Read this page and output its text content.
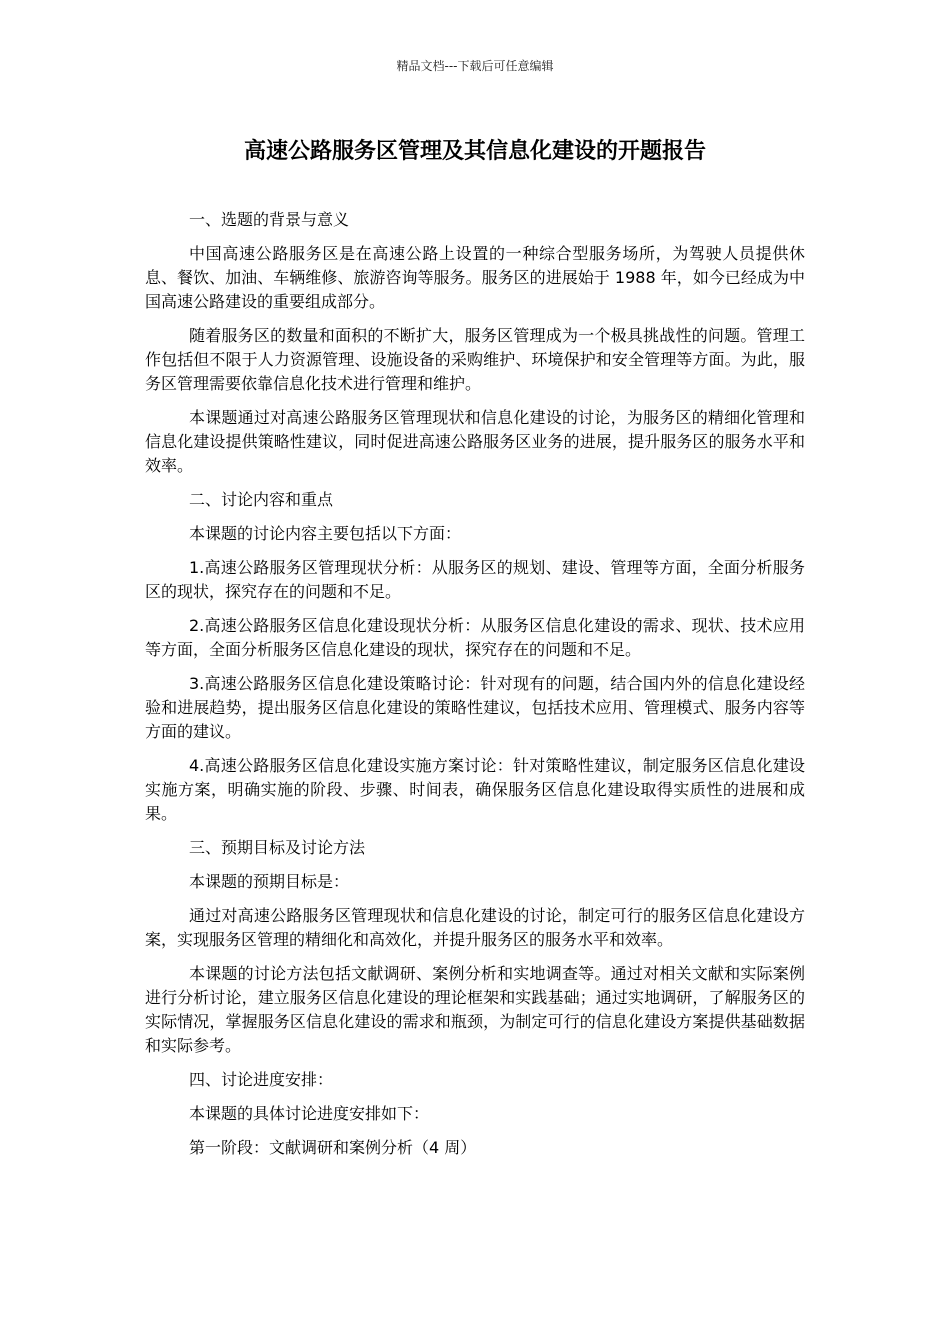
精品文档---下载后可任意编辑
高速公路服务区管理及其信息化建设的开题报告

一、选题的背景与意义

中国高速公路服务区是在高速公路上设置的一种综合型服务场所，为驾驶人员提供休息、餐饮、加油、车辆维修、旅游咨询等服务。服务区的进展始于 1988 年，如今已经成为中国高速公路建设的重要组成部分。

随着服务区的数量和面积的不断扩大，服务区管理成为一个极具挑战性的问题。管理工作包括但不限于人力资源管理、设施设备的采购维护、环境保护和安全管理等方面。为此，服务区管理需要依靠信息化技术进行管理和维护。

本课题通过对高速公路服务区管理现状和信息化建设的讨论，为服务区的精细化管理和信息化建设提供策略性建议，同时促进高速公路服务区业务的进展，提升服务区的服务水平和效率。

二、讨论内容和重点

本课题的讨论内容主要包括以下方面：

1.高速公路服务区管理现状分析：从服务区的规划、建设、管理等方面，全面分析服务区的现状，探究存在的问题和不足。

2.高速公路服务区信息化建设现状分析：从服务区信息化建设的需求、现状、技术应用等方面，全面分析服务区信息化建设的现状，探究存在的问题和不足。

3.高速公路服务区信息化建设策略讨论：针对现有的问题，结合国内外的信息化建设经验和进展趋势，提出服务区信息化建设的策略性建议，包括技术应用、管理模式、服务内容等方面的建议。

4.高速公路服务区信息化建设实施方案讨论：针对策略性建议，制定服务区信息化建设实施方案，明确实施的阶段、步骤、时间表，确保服务区信息化建设取得实质性的进展和成果。

三、预期目标及讨论方法

本课题的预期目标是：

通过对高速公路服务区管理现状和信息化建设的讨论，制定可行的服务区信息化建设方案，实现服务区管理的精细化和高效化，并提升服务区的服务水平和效率。

本课题的讨论方法包括文献调研、案例分析和实地调查等。通过对相关文献和实际案例进行分析讨论，建立服务区信息化建设的理论框架和实践基础；通过实地调研，了解服务区的实际情况，掌握服务区信息化建设的需求和瓶颈，为制定可行的信息化建设方案提供基础数据和实际参考。

四、讨论进度安排：

本课题的具体讨论进度安排如下：

第一阶段：文献调研和案例分析（4 周）
